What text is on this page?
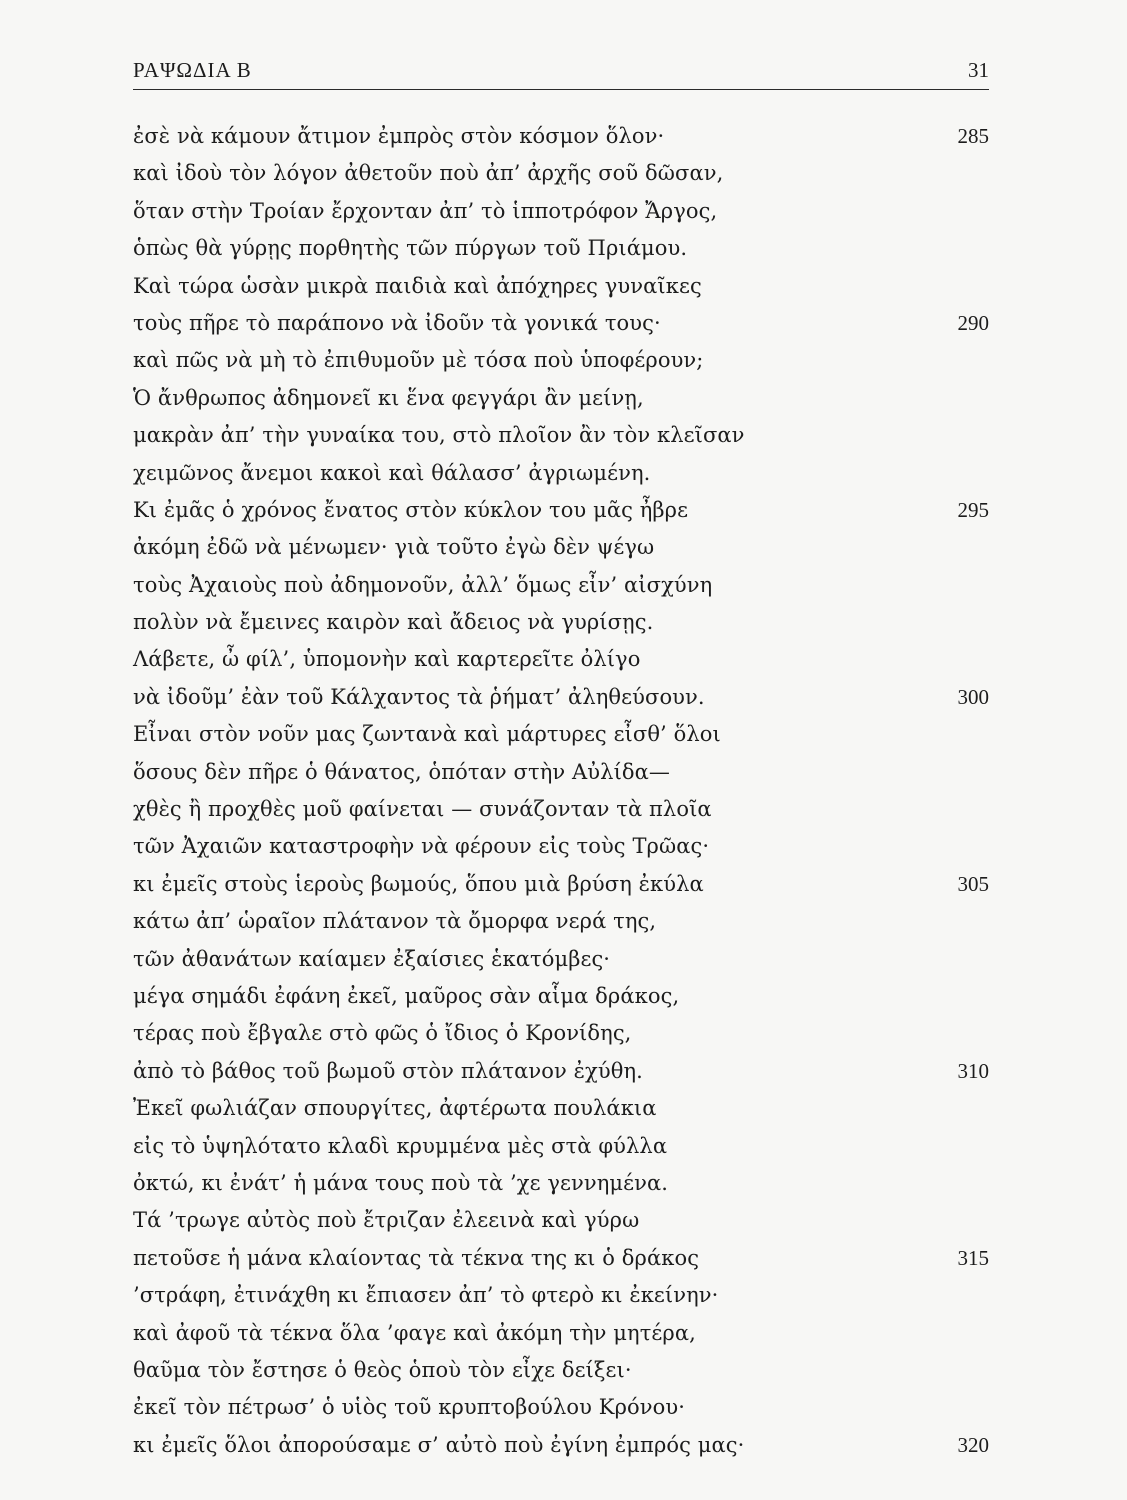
ΡΑΨΩΔΙΑ Β	31
ἐσὲ νὰ κάμουν ἄτιμον ἐμπρὸς στὸν κόσμον ὅλον·	285
καὶ ἰδοὺ τὸν λόγον ἀθετοῦν ποὺ ἀπ’ ἀρχῆς σοῦ δῶσαν,
ὅταν στὴν Τροίαν ἔρχονταν ἀπ’ τὸ ἱπποτρόφον Ἄργος,
ὁπὼς θὰ γύρῃς πορθητὴς τῶν πύργων τοῦ Πριάμου.
Καὶ τώρα ὡσὰν μικρὰ παιδιὰ καὶ ἀπόχηρες γυναῖκες
τοὺς πῆρε τὸ παράπονο νὰ ἰδοῦν τὰ γονικά τους·	290
καὶ πῶς νὰ μὴ τὸ ἐπιθυμοῦν μὲ τόσα ποὺ ὑποφέρουν;
Ὁ ἄνθρωπος ἀδημονεῖ κι ἕνα φεγγάρι ἂν μείνῃ,
μακρὰν ἀπ’ τὴν γυναίκα του, στὸ πλοῖον ἂν τὸν κλεῖσαν
χειμῶνος ἄνεμοι κακοὶ καὶ θάλασσ’ ἀγριωμένη.
Κι ἐμᾶς ὁ χρόνος ἔνατος στὸν κύκλον του μᾶς ἦβρε	295
ἀκόμη ἐδῶ νὰ μένωμεν· γιὰ τοῦτο ἐγὼ δὲν ψέγω
τοὺς Ἀχαιοὺς ποὺ ἀδημονοῦν, ἀλλ’ ὅμως εἶν’ αἰσχύνη
πολὺν νὰ ἔμεινες καιρὸν καὶ ἄδειος νὰ γυρίσῃς.
Λάβετε, ὦ φίλ’, ὑπομονὴν καὶ καρτερεῖτε ὀλίγο
νὰ ἰδοῦμ’ ἐὰν τοῦ Κάλχαντος τὰ ῥήματ’ ἀληθεύσουν.	300
Εἶναι στὸν νοῦν μας ζωντανὰ καὶ μάρτυρες εἶσθ’ ὅλοι
ὅσους δὲν πῆρε ὁ θάνατος, ὁπόταν στὴν Αὐλίδα—
χθὲς ἢ προχθὲς μοῦ φαίνεται — συνάζονταν τὰ πλοῖα
τῶν Ἀχαιῶν καταστροφὴν νὰ φέρουν εἰς τοὺς Τρῶας·
κι ἐμεῖς στοὺς ἱεροὺς βωμούς, ὅπου μιὰ βρύση ἐκύλα	305
κάτω ἀπ’ ὡραῖον πλάτανον τὰ ὄμορφα νερά της,
τῶν ἀθανάτων καίαμεν ἐξαίσιες ἑκατόμβες·
μέγα σημάδι ἐφάνη ἐκεῖ, μαῦρος σὰν αἷμα δράκος,
τέρας ποὺ ἔβγαλε στὸ φῶς ὁ ἴδιος ὁ Κρονίδης,
ἀπὸ τὸ βάθος τοῦ βωμοῦ στὸν πλάτανον ἐχύθη.	310
Ἐκεῖ φωλιάζαν σπουργίτες, ἀφτέρωτα πουλάκια
εἰς τὸ ὑψηλότατο κλαδὶ κρυμμένα μὲς στὰ φύλλα
ὀκτώ, κι ἐνάτ’ ἡ μάνα τους ποὺ τὰ ’χε γεννημένα.
Τά ’τρωγε αὐτὸς ποὺ ἔτριζαν ἐλεεινὰ καὶ γύρω
πετοῦσε ἡ μάνα κλαίοντας τὰ τέκνα της κι ὁ δράκος	315
’στράφη, ἐτινάχθη κι ἔπιασεν ἀπ’ τὸ φτερὸ κι ἐκείνην·
καὶ ἀφοῦ τὰ τέκνα ὅλα ’φαγε καὶ ἀκόμη τὴν μητέρα,
θαῦμα τὸν ἔστησε ὁ θεὸς ὁποὺ τὸν εἶχε δείξει·
ἐκεῖ τὸν πέτρωσ’ ὁ υἱὸς τοῦ κρυπτοβούλου Κρόνου·
κι ἐμεῖς ὅλοι ἀπορούσαμε σ’ αὐτὸ ποὺ ἐγίνη ἐμπρός μας·	320
